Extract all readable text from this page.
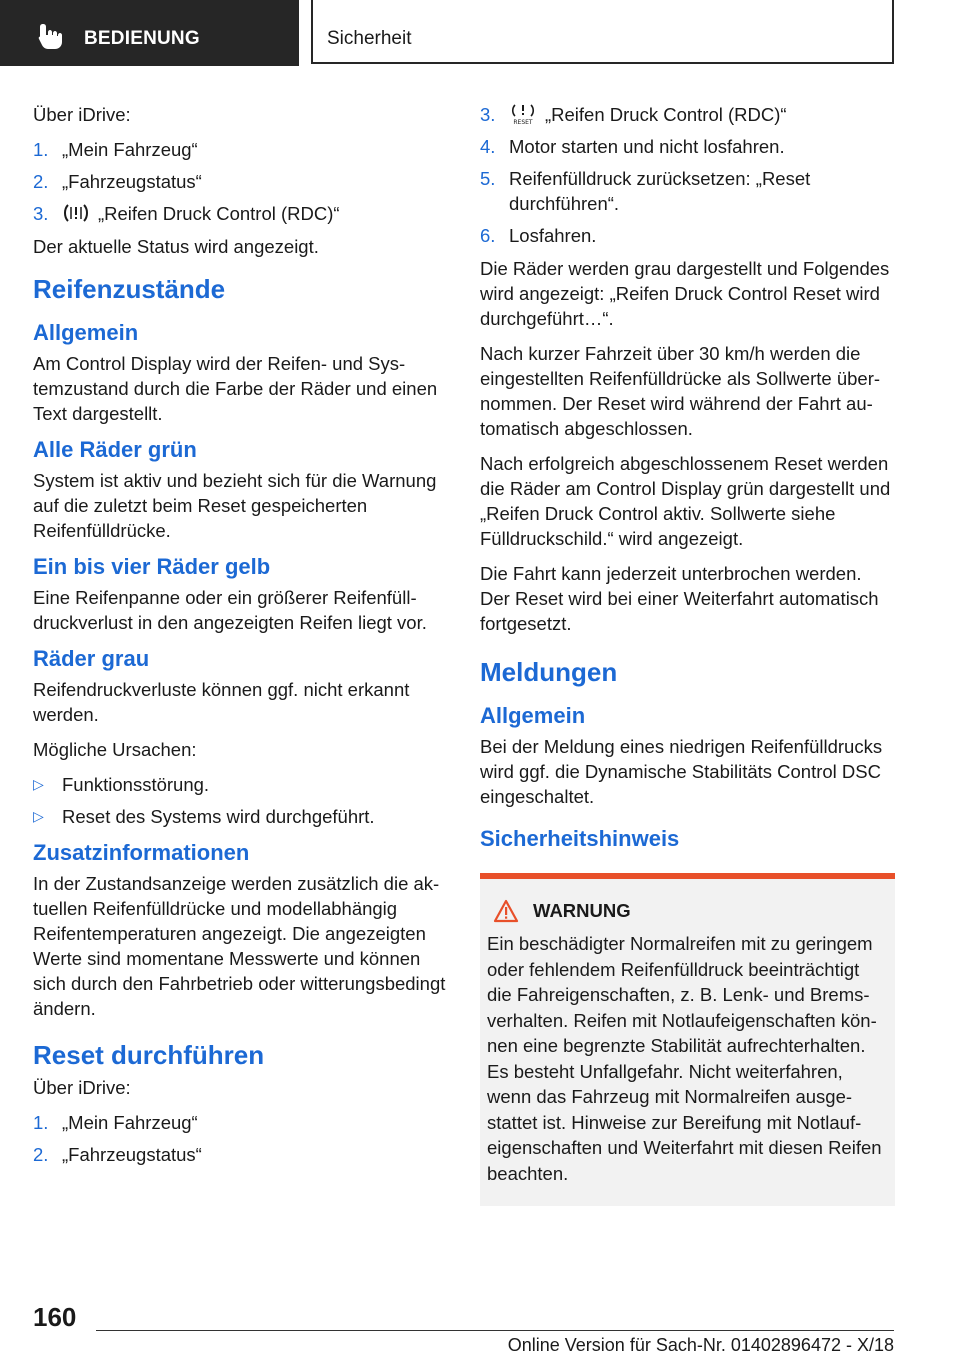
BEDIENUNG	Sicherheit

Über iDrive:

1. „Mein Fahrzeug“
2. „Fahrzeugstatus“
3.	„Reifen Druck Control (RDC)“

Der aktuelle Status wird angezeigt.

Reifenzustände
Allgemein

Am Control Display wird der Reifen- und Systemzustand durch die Farbe der Räder und einen Text dargestellt.

Alle Räder grün

System ist aktiv und bezieht sich für die Warnung auf die zuletzt beim Reset gespeicherten Reifenfülldrücke.

Ein bis vier Räder gelb

Eine Reifenpanne oder ein größerer Reifenfülldruckverlust in den angezeigten Reifen liegt vor.

Räder grau

Reifendruckverluste können ggf. nicht erkannt werden.

Mögliche Ursachen:

▷ Funktionsstörung.
▷ Reset des Systems wird durchgeführt.
Zusatzinformationen

In der Zustandsanzeige werden zusätzlich die aktuellen Reifenfülldrücke und modellabhängig Reifentemperaturen angezeigt. Die angezeigten Werte sind momentane Messwerte und können sich durch den Fahrbetrieb oder witterungsbedingt ändern.

Reset durchführen

Über iDrive:

1. „Mein Fahrzeug“
2. „Fahrzeugstatus“
3.	RESET „Reifen Druck Control (RDC)“
4. Motor starten und nicht losfahren.
5. Reifenfülldruck zurücksetzen: „Reset durchführen“.
6. Losfahren.

Die Räder werden grau dargestellt und Folgendes wird angezeigt: „Reifen Druck Control Reset wird durchgeführt…“.

Nach kurzer Fahrzeit über 30 km/h werden die eingestellten Reifenfülldrücke als Sollwerte übernommen. Der Reset wird während der Fahrt automatisch abgeschlossen.

Nach erfolgreich abgeschlossenem Reset werden die Räder am Control Display grün dargestellt und „Reifen Druck Control aktiv. Sollwerte siehe Fülldruckschild.“ wird angezeigt.

Die Fahrt kann jederzeit unterbrochen werden. Der Reset wird bei einer Weiterfahrt automatisch fortgesetzt.

Meldungen
Allgemein

Bei der Meldung eines niedrigen Reifenfülldrucks wird ggf. die Dynamische Stabilitäts Control DSC eingeschaltet.

Sicherheitshinweis
WARNUNG

Ein beschädigter Normalreifen mit zu geringem oder fehlendem Reifenfülldruck beeinträchtigt die Fahreigenschaften, z. B. Lenk- und Bremsverhalten. Reifen mit Notlaufeigenschaften können eine begrenzte Stabilität aufrechterhalten. Es besteht Unfallgefahr. Nicht weiterfahren, wenn das Fahrzeug mit Normalreifen ausgestattet ist. Hinweise zur Bereifung mit Notlaufeigenschaften und Weiterfahrt mit diesen Reifen beachten.

160
Online Version für Sach-Nr. 01402896472 - X/18
